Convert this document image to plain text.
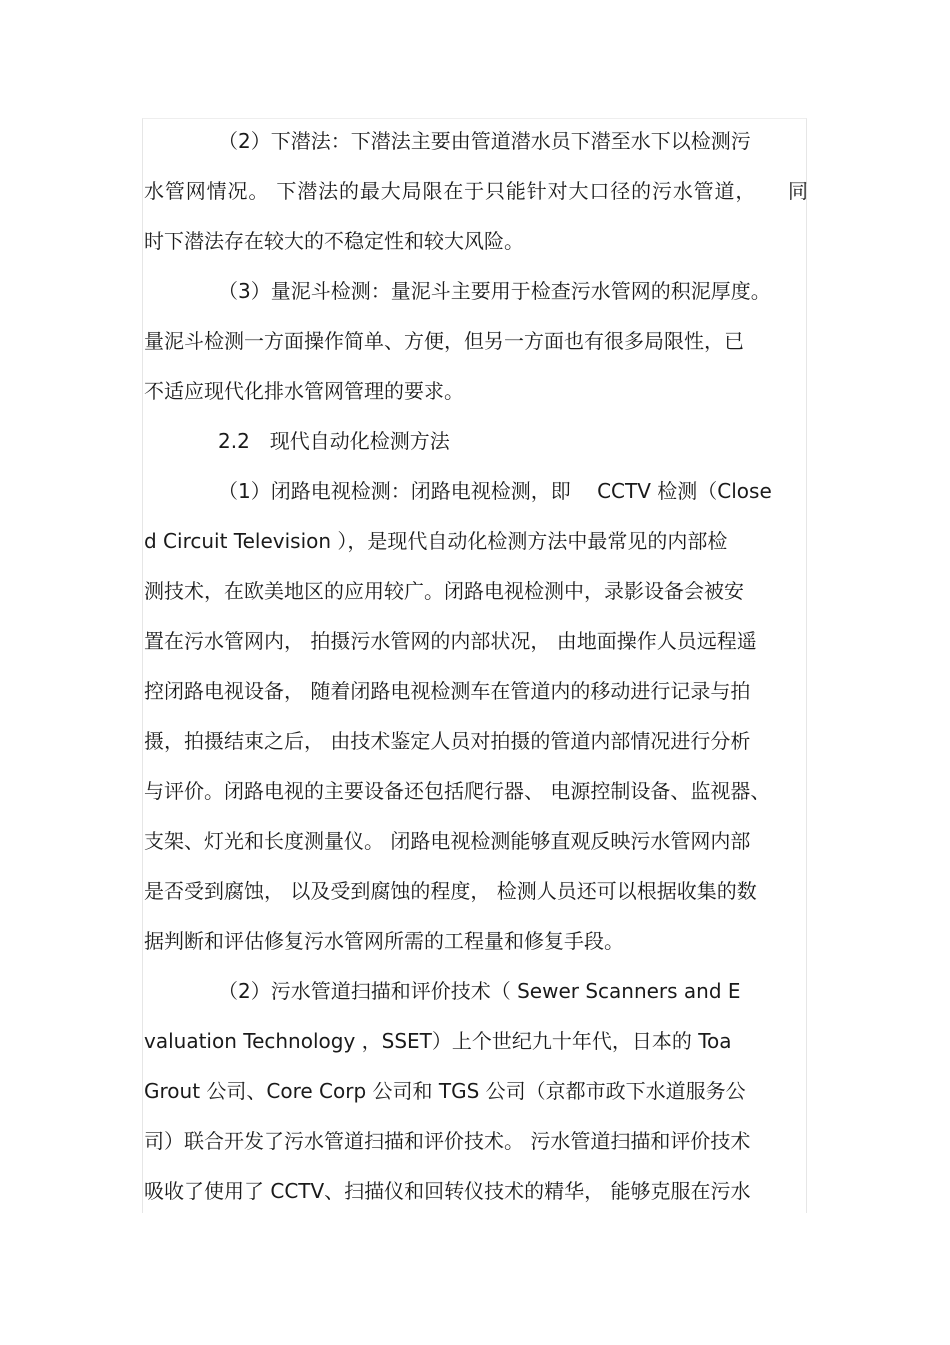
（2）下潜法：下潜法主要由管道潜水员下潜至水下以检测污
水管网情况。 下潜法的最大局限在于只能针对大口径的污水管道，　　同
时下潜法存在较大的不稳定性和较大风险。
（3）量泥斗检测：量泥斗主要用于检查污水管网的积泥厚度。
量泥斗检测一方面操作简单、方便，但另一方面也有很多局限性，已
不适应现代化排水管网管理的要求。
2.2　现代自动化检测方法
（1）闭路电视检测：闭路电视检测，即　 CCTV 检测（Close
d Circuit Television ），是现代自动化检测方法中最常见的内部检
测技术，在欧美地区的应用较广。闭路电视检测中，录影设备会被安
置在污水管网内， 拍摄污水管网的内部状况， 由地面操作人员远程遥
控闭路电视设备， 随着闭路电视检测车在管道内的移动进行记录与拍
摄，拍摄结束之后， 由技术鉴定人员对拍摄的管道内部情况进行分析
与评价。闭路电视的主要设备还包括爬行器、 电源控制设备、监视器、
支架、灯光和长度测量仪。 闭路电视检测能够直观反映污水管网内部
是否受到腐蚀， 以及受到腐蚀的程度， 检测人员还可以根据收集的数
据判断和评估修复污水管网所需的工程量和修复手段。
（2）污水管道扫描和评价技术（ Sewer Scanners and E
valuation Technology ，SSET）上个世纪九十年代，日本的 Toa
Grout 公司、Core Corp 公司和 TGS 公司（京都市政下水道服务公
司）联合开发了污水管道扫描和评价技术。 污水管道扫描和评价技术
吸收了使用了 CCTV、扫描仪和回转仪技术的精华， 能够克服在污水
